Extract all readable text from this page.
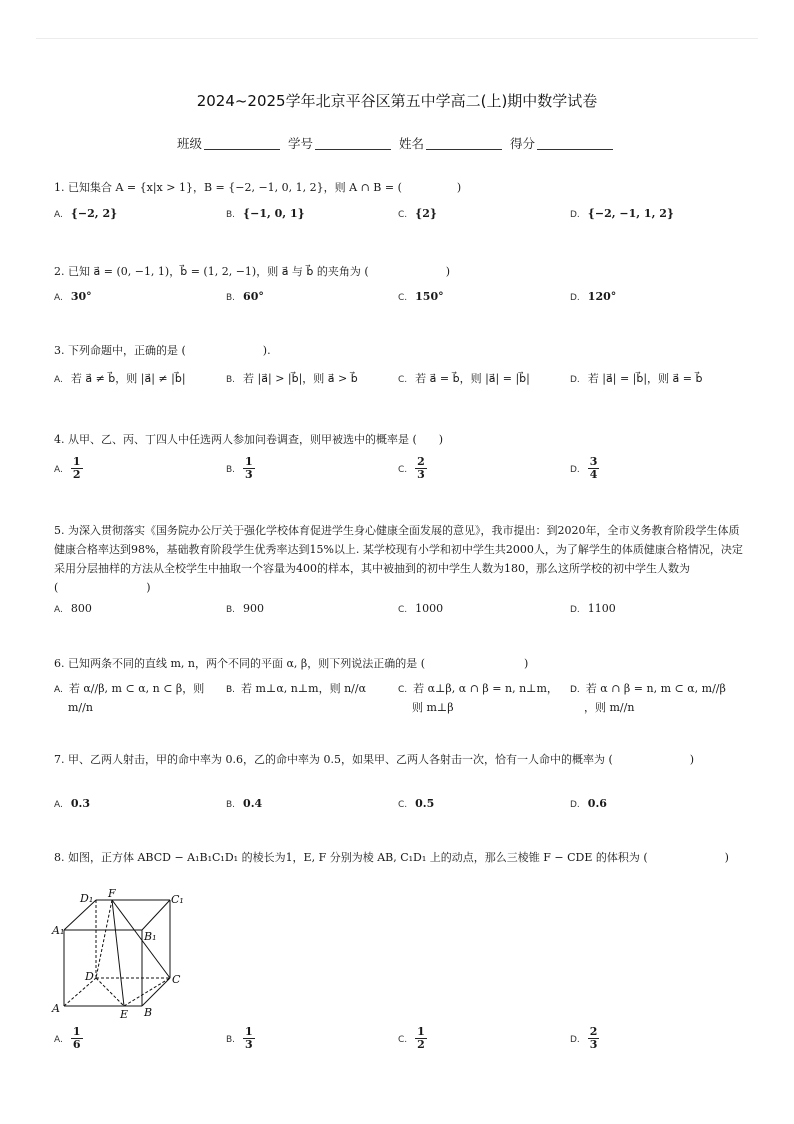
2024~2025学年北京平谷区第五中学高二(上)期中数学试卷
班级	学号	姓名	得分

1. 已知集合 A = {x|x > 1}，B = {−2, −1, 0, 1, 2}，则 A ∩ B = (　　　　　)

A. {−2, 2}	B. {−1, 0, 1}	C. {2}	D. {−2, −1, 1, 2}

2. 已知 a⃗ = (0, −1, 1)，b⃗ = (1, 2, −1)，则 a⃗ 与 b⃗ 的夹角为 (　　　　　　　)

A. 30°	B. 60°	C. 150°	D. 120°

3. 下列命题中，正确的是 (　　　　　　　).

A. 若 a⃗ ≠ b⃗，则 |a⃗| ≠ |b⃗|	B. 若 |a⃗| > |b⃗|，则 a⃗ > b⃗	C. 若 a⃗ = b⃗，则 |a⃗| = |b⃗|	D. 若 |a⃗| = |b⃗|，则 a⃗ = b⃗

4. 从甲、乙、丙、丁四人中任选两人参加问卷调查，则甲被选中的概率是 (　　)

A. $\frac{1}{2}$	B. $\frac{1}{3}$	C. $\frac{2}{3}$	D. $\frac{3}{4}$

5. 为深入贯彻落实《国务院办公厅关于强化学校体育促进学生身心健康全面发展的意见》，我市提出：到2020年，全市义务教育阶段学生体质健康合格率达到98%，基础教育阶段学生优秀率达到15%以上. 某学校现有小学和初中学生共2000人，为了解学生的体质健康合格情况，决定采用分层抽样的方法从全校学生中抽取一个容量为400的样本，其中被抽到的初中学生人数为180，那么这所学校的初中学生人数为 (　　　　　　　　)

A. 800	B. 900	C. 1000	D. 1100

6. 已知两条不同的直线 m, n，两个不同的平面 α, β，则下列说法正确的是 (　　　　　　　　　)

A. 若 α//β, m ⊂ α, n ⊂ β，则
m//n
B. 若 m⊥α, n⊥m，则 n//α	C. 若 α⊥β, α ∩ β = n, n⊥m，
则 m⊥β
D. 若 α ∩ β = n, m ⊂ α, m//β
，则 m//n

7. 甲、乙两人射击，甲的命中率为 0.6，乙的命中率为 0.5，如果甲、乙两人各射击一次，恰有一人命中的概率为 (　　　　　　　)

A. 0.3	B. 0.4	C. 0.5	D. 0.6

8. 如图，正方体 ABCD − A₁B₁C₁D₁ 的棱长为1，E, F 分别为棱 AB, C₁D₁ 上的动点，那么三棱锥 F − CDE 的体积为 (　　　　　　　)

A	B
C
D
E
F
A₁	B₁
C₁
D₁
A. $\frac{1}{6}$	B. $\frac{1}{3}$	C. $\frac{1}{2}$	D. $\frac{2}{3}$
